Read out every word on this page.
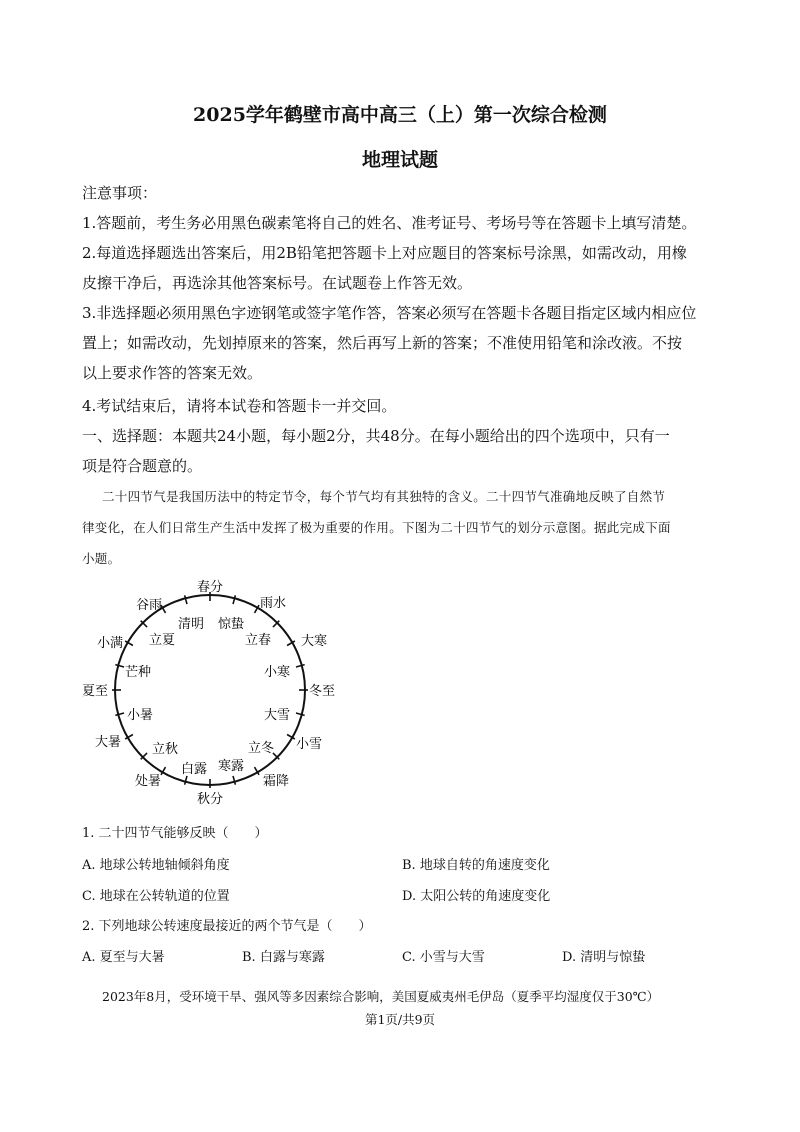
2025学年鹤壁市高中高三（上）第一次综合检测
地理试题
注意事项：
1.答题前，考生务必用黑色碳素笔将自己的姓名、准考证号、考场号等在答题卡上填写清楚。
2.每道选择题选出答案后，用2B铅笔把答题卡上对应题目的答案标号涂黑，如需改动，用橡
皮擦干净后，再选涂其他答案标号。在试题卷上作答无效。
3.非选择题必须用黑色字迹钢笔或签字笔作答，答案必须写在答题卡各题目指定区域内相应位
置上；如需改动，先划掉原来的答案，然后再写上新的答案；不准使用铅笔和涂改液。不按
以上要求作答的答案无效。
4.考试结束后，请将本试卷和答题卡一并交回。
一、选择题：本题共24小题，每小题2分，共48分。在每小题给出的四个选项中，只有一
项是符合题意的。
二十四节气是我国历法中的特定节令，每个节气均有其独特的含义。二十四节气准确地反映了自然节
律变化，在人们日常生产生活中发挥了极为重要的作用。下图为二十四节气的划分示意图。据此完成下面
小题。
春分
雨水
大寒
冬至
小雪
霜降
秋分
处暑
大暑
夏至
小满
谷雨
清明 惊蛰
立春
小寒
大雪
立冬
寒露
白露
立秋
小暑
芒种
立夏
1. 二十四节气能够反映（　　）
A. 地球公转地轴倾斜角度	B. 地球自转的角速度变化
C. 地球在公转轨道的位置	D. 太阳公转的角速度变化
2. 下列地球公转速度最接近的两个节气是（　　）
A. 夏至与大暑	B. 白露与寒露	C. 小雪与大雪	D. 清明与惊蛰
2023年8月，受环境干旱、强风等多因素综合影响，美国夏威夷州毛伊岛（夏季平均湿度仅于30℃）
第1页/共9页
